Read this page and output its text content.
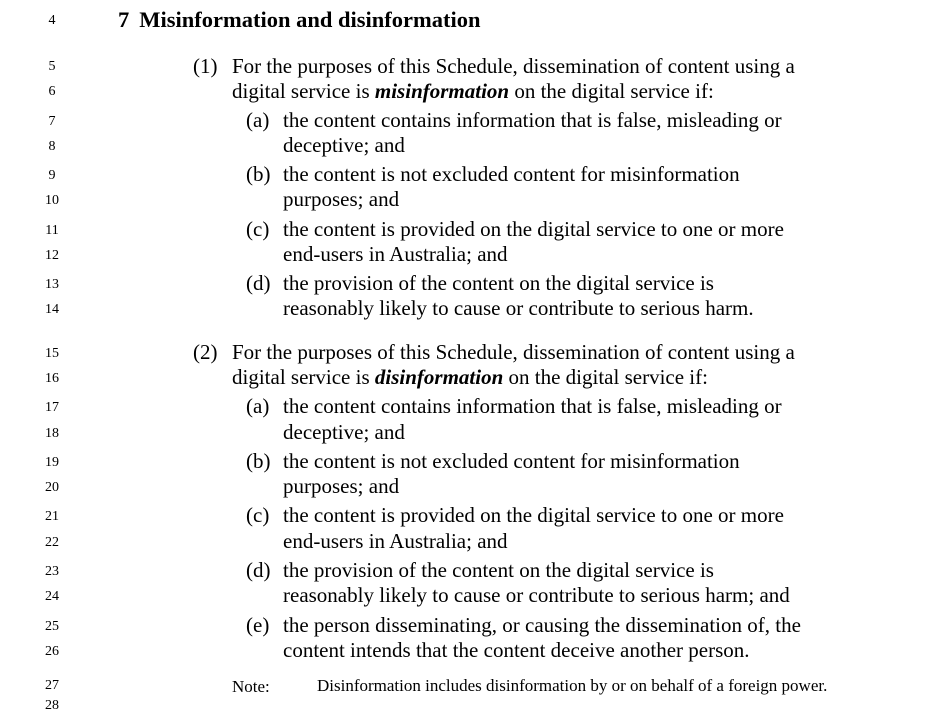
4
5
6
7
8
9
10
11
12
13
14
15
16
17
18
19
20
21
22
23
24
25
26
27
28
7 Misinformation and disinformation
(1) For the purposes of this Schedule, dissemination of content using a
digital service is misinformation on the digital service if:
(a) the content contains information that is false, misleading or
deceptive; and
(b) the content is not excluded content for misinformation
purposes; and
(c) the content is provided on the digital service to one or more
end-users in Australia; and
(d) the provision of the content on the digital service is
reasonably likely to cause or contribute to serious harm.
(2) For the purposes of this Schedule, dissemination of content using a
digital service is disinformation on the digital service if:
(a) the content contains information that is false, misleading or
deceptive; and
(b) the content is not excluded content for misinformation
purposes; and
(c) the content is provided on the digital service to one or more
end-users in Australia; and
(d) the provision of the content on the digital service is
reasonably likely to cause or contribute to serious harm; and
(e) the person disseminating, or causing the dissemination of, the
content intends that the content deceive another person.
Note:	Disinformation includes disinformation by or on behalf of a foreign power.
